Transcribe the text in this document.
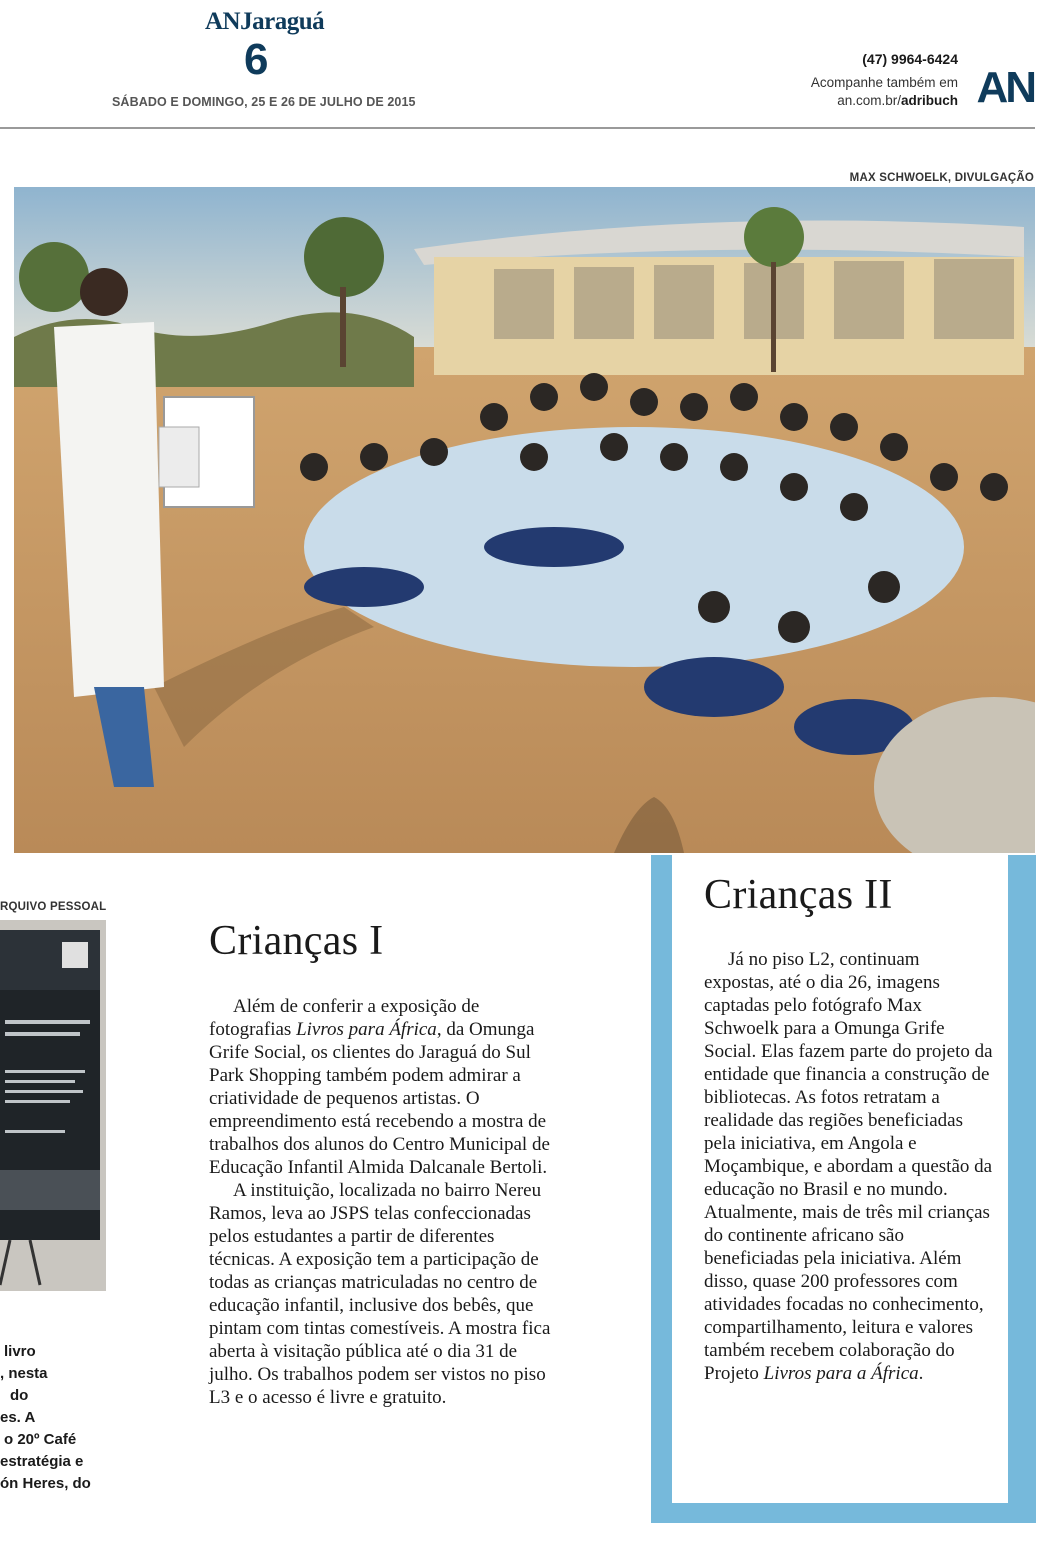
ANJaraguá
6
SÁBADO E DOMINGO, 25 E 26 DE JULHO DE 2015
(47) 9964-6424
Acompanhe também em
an.com.br/adribuch AN
MAX SCHWOELK, DIVULGAÇÃO
RQUIVO PESSOAL
livro
, nesta
do
es. A
o 20º Café
estratégia e
ón Heres, do
Crianças I

Além de conferir a exposição de fotografias Livros para África, da Omunga Grife Social, os clientes do Jaraguá do Sul Park Shopping também podem admirar a criatividade de pequenos artistas. O empreendimento está recebendo a mostra de trabalhos dos alunos do Centro Municipal de Educação Infantil Almida Dalcanale Bertoli.

A instituição, localizada no bairro Nereu Ramos, leva ao JSPS telas confeccionadas pelos estudantes a partir de diferentes técnicas. A exposição tem a participação de todas as crianças matriculadas no centro de educação infantil, inclusive dos bebês, que pintam com tintas comestíveis. A mostra fica aberta à visitação pública até o dia 31 de julho. Os trabalhos podem ser vistos no piso L3 e o acesso é livre e gratuito.

Crianças II

Já no piso L2, continuam expostas, até o dia 26, imagens captadas pelo fotógrafo Max Schwoelk para a Omunga Grife Social. Elas fazem parte do projeto da entidade que financia a construção de bibliotecas. As fotos retratam a realidade das regiões beneficiadas pela iniciativa, em Angola e Moçambique, e abordam a questão da educação no Brasil e no mundo. Atualmente, mais de três mil crianças do continente africano são beneficiadas pela iniciativa. Além disso, quase 200 professores com atividades focadas no conhecimento, compartilhamento, leitura e valores também recebem colaboração do Projeto Livros para a África.
